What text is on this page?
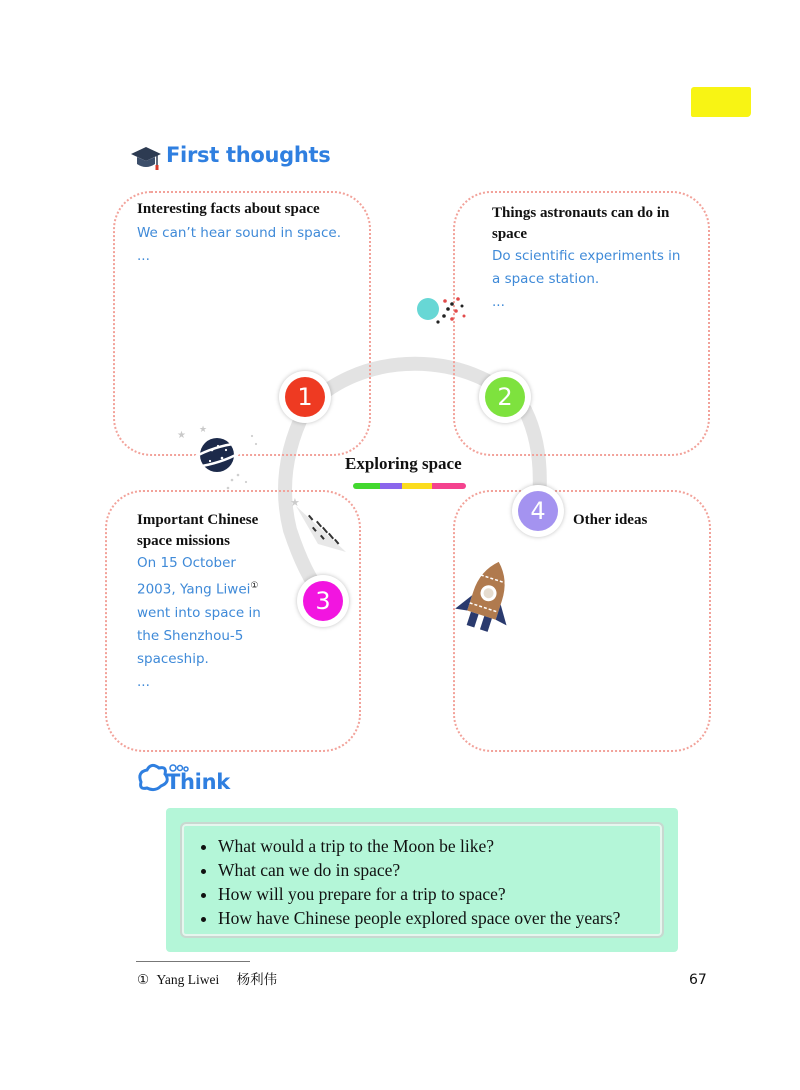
First thoughts
Interesting facts about space
We can’t hear sound in space.
...
Things astronauts can do in space
Do scientific experiments in a space station.
...
Important Chinese space missions
On 15 October 2003, Yang Liwei① went into space in the Shenzhou-5 spaceship.
...
Other ideas
Exploring space
1	2
3
4
★ ★
★
Think
• What would a trip to the Moon be like?
• What can we do in space?
• How will you prepare for a trip to space?
• How have Chinese people explored space over the years?
① Yang Liwei 杨利伟	67
